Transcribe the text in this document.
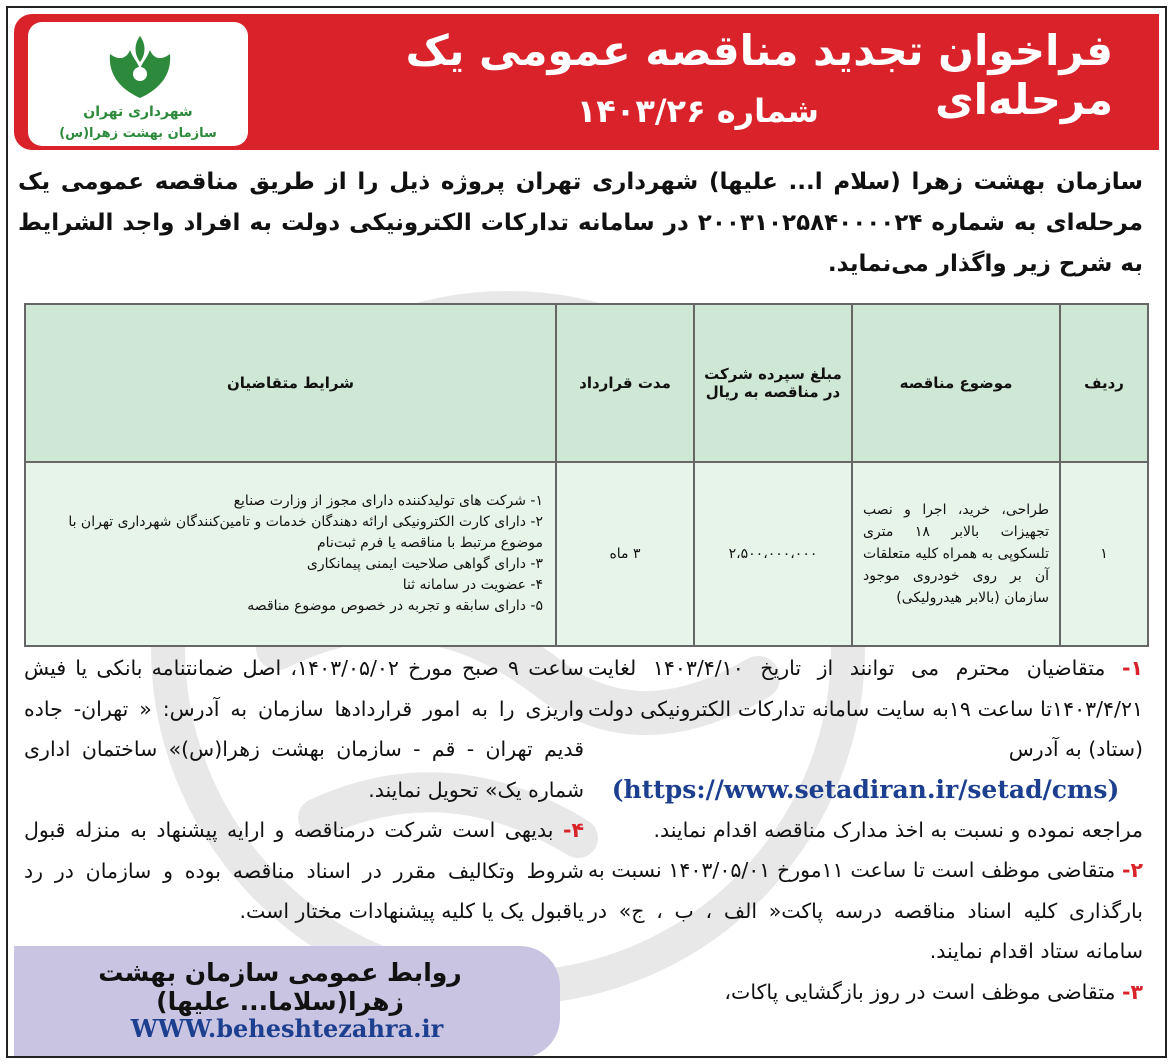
شهرداری تهران
سازمان بهشت زهرا(س)
فراخوان تجدید مناقصه عمومی یک مرحله‌ای
شماره ۱۴۰۳/۲۶
سازمان بهشت زهرا (سلام ا... علیها) شهرداری تهران پروژه ذیل را از طریق مناقصه عمومی یک مرحله‌ای به شماره ۲۰۰۳۱۰۲۵۸۴۰۰۰۰۲۴ در سامانه تدارکات الکترونیکی دولت به افراد واجد الشرایط به شرح زیر واگذار می‌نماید.
ردیف	موضوع مناقصه	مبلغ سپرده شرکت در مناقصه به ریال	مدت قرارداد	شرایط متقاضیان
۱	طراحی، خرید، اجرا و نصب تجهیزات بالابر ۱۸ متری تلسکوپی به همراه کلیه متعلقات آن بر روی خودروی موجود سازمان (بالابر هیدرولیکی)	۲،۵۰۰،۰۰۰،۰۰۰	۳ ماه	۱- شرکت های تولیدکننده دارای مجوز از وزارت صنایع
۲- دارای کارت الکترونیکی ارائه دهندگان خدمات و تامین‌کنندگان شهرداری تهران با موضوع مرتبط با مناقصه یا فرم ثبت‌نام
۳- دارای گواهی صلاحیت ایمنی پیمانکاری
۴- عضویت در سامانه ثنا
۵- دارای سابقه و تجربه در خصوص موضوع مناقصه
۱- متقاضیان محترم می توانند از تاریخ ۱۴۰۳/۴/۱۰ لغایت ۱۴۰۳/۴/۲۱تا ساعت ۱۹به سایت سامانه تدارکات الکترونیکی دولت (ستاد) به آدرس
(https://www.setadiran.ir/setad/cms)
مراجعه نموده و نسبت به اخذ مدارک مناقصه اقدام نمایند.
۲- متقاضی موظف است تا ساعت ۱۱مورخ ۱۴۰۳/۰۵/۰۱ نسبت به بارگذاری کلیه اسناد مناقصه درسه پاکت« الف ، ب ، ج» در سامانه ستاد اقدام نمایند.
۳- متقاضی موظف است در روز بازگشایی پاکات،
ساعت ۹ صبح مورخ ۱۴۰۳/۰۵/۰۲، اصل ضمانتنامه بانکی یا فیش واریزی را به امور قراردادها سازمان به آدرس: « تهران- جاده قدیم تهران - قم - سازمان بهشت زهرا(س)» ساختمان اداری شماره یک» تحویل نمایند.
۴- بدیهی است شرکت درمناقصه و ارایه پیشنهاد به منزله قبول شروط وتکالیف مقرر در اسناد مناقصه بوده و سازمان در رد یاقبول یک یا کلیه پیشنهادات مختار است.
روابط عمومی سازمان بهشت زهرا(سلاما... علیها)
WWW.beheshtezahra.ir
